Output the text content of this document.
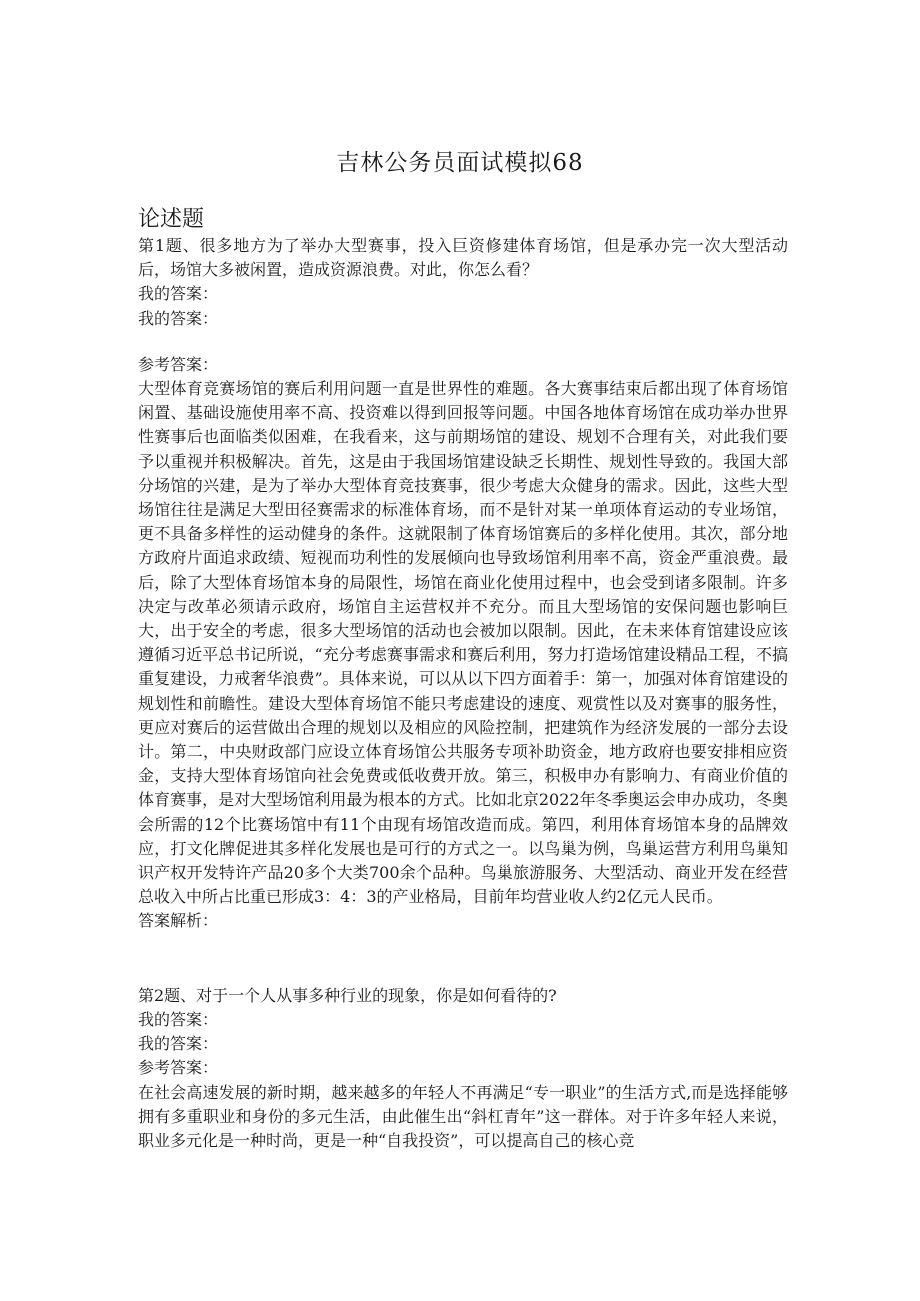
吉林公务员面试模拟68
论述题

第1题、很多地方为了举办大型赛事，投入巨资修建体育场馆，但是承办完一次大型活动后，场馆大多被闲置，造成资源浪费。对此，你怎么看？

我的答案：

我的答案：

参考答案：

大型体育竞赛场馆的赛后利用问题一直是世界性的难题。各大赛事结束后都出现了体育场馆闲置、基础设施使用率不高、投资难以得到回报等问题。中国各地体育场馆在成功举办世界性赛事后也面临类似困难，在我看来，这与前期场馆的建设、规划不合理有关，对此我们要予以重视并积极解决。首先，这是由于我国场馆建设缺乏长期性、规划性导致的。我国大部分场馆的兴建，是为了举办大型体育竞技赛事，很少考虑大众健身的需求。因此，这些大型场馆往往是满足大型田径赛需求的标准体育场，而不是针对某一单项体育运动的专业场馆，更不具备多样性的运动健身的条件。这就限制了体育场馆赛后的多样化使用。其次，部分地方政府片面追求政绩、短视而功利性的发展倾向也导致场馆利用率不高，资金严重浪费。最后，除了大型体育场馆本身的局限性，场馆在商业化使用过程中，也会受到诸多限制。许多决定与改革必须请示政府，场馆自主运营权并不充分。而且大型场馆的安保问题也影响巨大，出于安全的考虑，很多大型场馆的活动也会被加以限制。因此，在未来体育馆建设应该遵循习近平总书记所说，“充分考虑赛事需求和赛后利用，努力打造场馆建设精品工程，不搞重复建设，力戒奢华浪费”。具体来说，可以从以下四方面着手：第一，加强对体育馆建设的规划性和前瞻性。建设大型体育场馆不能只考虑建设的速度、观赏性以及对赛事的服务性，更应对赛后的运营做出合理的规划以及相应的风险控制，把建筑作为经济发展的一部分去设计。第二，中央财政部门应设立体育场馆公共服务专项补助资金，地方政府也要安排相应资金，支持大型体育场馆向社会免费或低收费开放。第三，积极申办有影响力、有商业价值的体育赛事，是对大型场馆利用最为根本的方式。比如北京2022年冬季奥运会申办成功，冬奥会所需的12个比赛场馆中有11个由现有场馆改造而成。第四，利用体育场馆本身的品牌效应，打文化牌促进其多样化发展也是可行的方式之一。以鸟巢为例，鸟巢运营方利用鸟巢知识产权开发特许产品20多个大类700余个品种。鸟巢旅游服务、大型活动、商业开发在经营总收入中所占比重已形成3：4：3的产业格局，目前年均营业收人约2亿元人民币。

答案解析：

第2题、对于一个人从事多种行业的现象，你是如何看待的?

我的答案：

我的答案：

参考答案：

在社会高速发展的新时期，越来越多的年轻人不再满足“专一职业”的生活方式,而是选择能够拥有多重职业和身份的多元生活，由此催生出“斜杠青年”这一群体。对于许多年轻人来说，职业多元化是一种时尚，更是一种“自我投资”，可以提高自己的核心竞
